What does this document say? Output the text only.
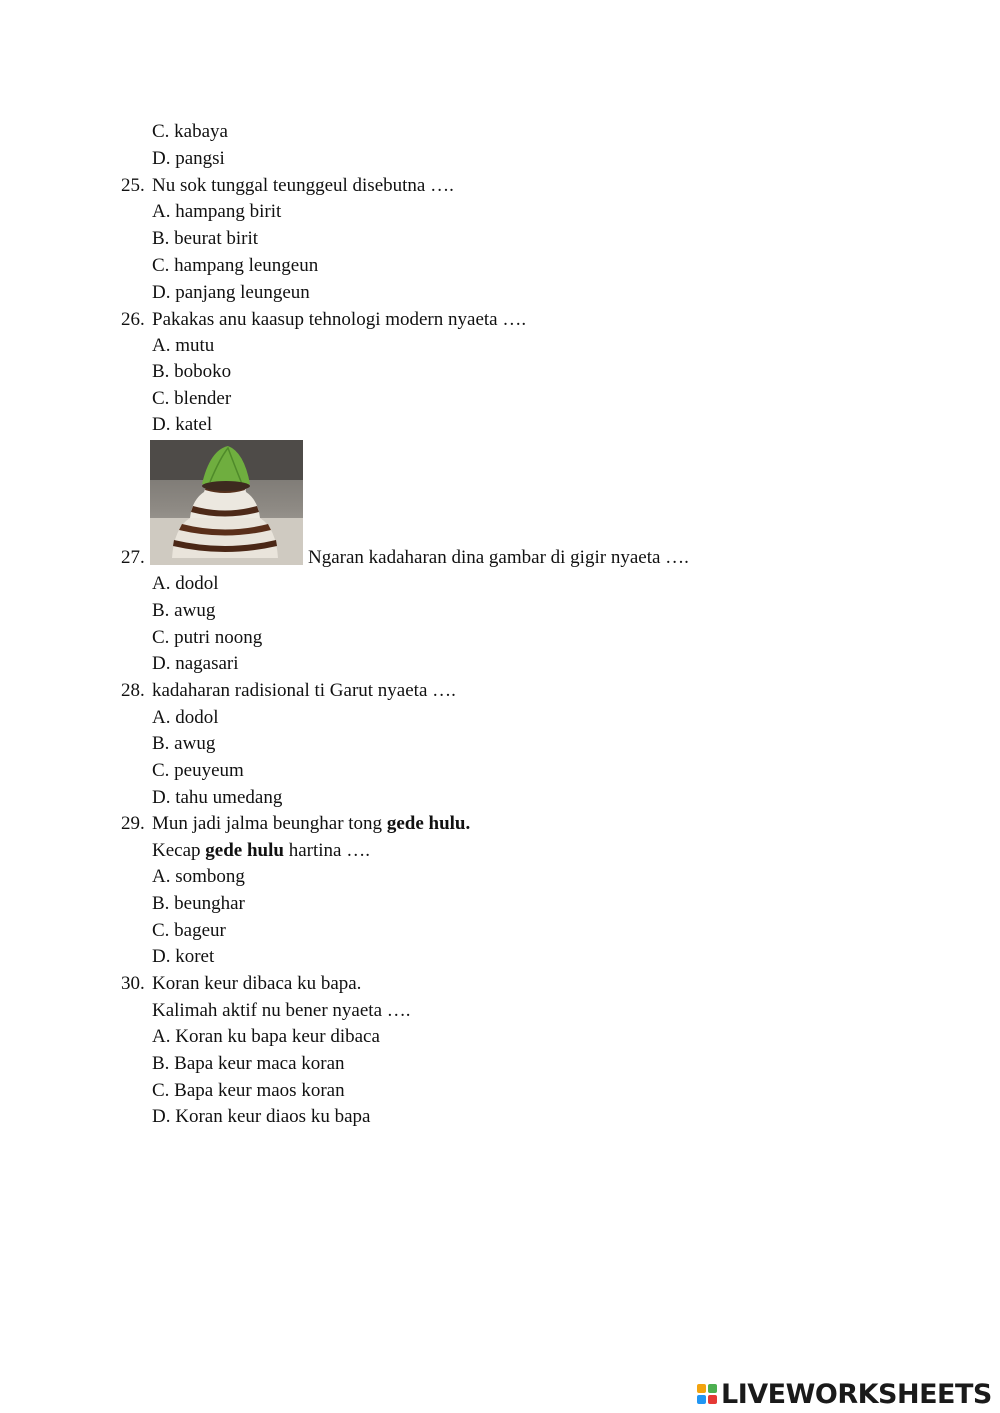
C. kabaya
D. pangsi
25. Nu sok tunggal teunggeul disebutna ….
A. hampang birit
B. beurat birit
C. hampang leungeun
D. panjang leungeun
26. Pakakas anu kaasup tehnologi modern nyaeta ….
A. mutu
B. boboko
C. blender
D. katel
27.	Ngaran kadaharan dina gambar di gigir nyaeta ….
A. dodol
B. awug
C. putri noong
D. nagasari
28. kadaharan radisional ti Garut nyaeta ….
A. dodol
B. awug
C. peuyeum
D. tahu umedang
29. Mun jadi jalma beunghar tong gede hulu.
Kecap gede hulu hartina ….
A. sombong
B. beunghar
C. bageur
D. koret
30. Koran keur dibaca ku bapa.
Kalimah aktif nu bener nyaeta ….
A. Koran ku bapa keur dibaca
B. Bapa keur maca koran
C. Bapa keur maos koran
D. Koran keur diaos ku bapa
LIVEWORKSHEETS
